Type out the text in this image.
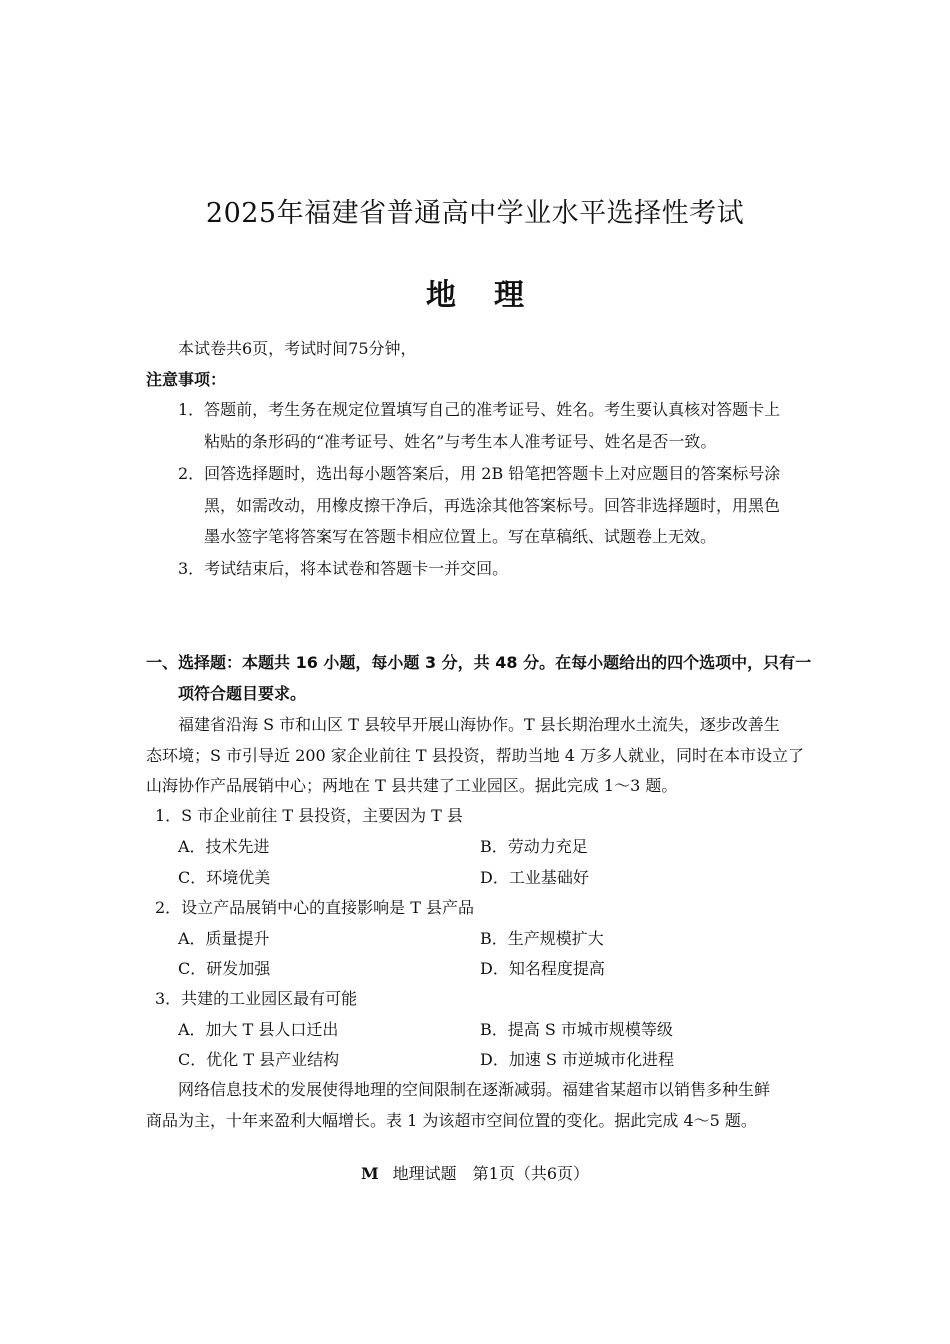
2025年福建省普通高中学业水平选择性考试
地理
本试卷共6页，考试时间75分钟，
注意事项：
1．答题前，考生务在规定位置填写自己的准考证号、姓名。考生要认真核对答题卡上
粘贴的条形码的“准考证号、姓名”与考生本人准考证号、姓名是否一致。
2．回答选择题时，选出每小题答案后，用 2B 铅笔把答题卡上对应题目的答案标号涂
黑，如需改动，用橡皮擦干净后，再选涂其他答案标号。回答非选择题时，用黑色
墨水签字笔将答案写在答题卡相应位置上。写在草稿纸、试题卷上无效。
3．考试结束后，将本试卷和答题卡一并交回。
一、选择题：本题共 16 小题，每小题 3 分，共 48 分。在每小题给出的四个选项中，只有一
项符合题目要求。
福建省沿海 S 市和山区 T 县较早开展山海协作。T 县长期治理水土流失，逐步改善生
态环境；S 市引导近 200 家企业前往 T 县投资，帮助当地 4 万多人就业，同时在本市设立了
山海协作产品展销中心；两地在 T 县共建了工业园区。据此完成 1～3 题。
1．S 市企业前往 T 县投资，主要因为 T 县
A．技术先进	B．劳动力充足
C．环境优美	D．工业基础好
2．设立产品展销中心的直接影响是 T 县产品
A．质量提升	B．生产规模扩大
C．研发加强	D．知名程度提高
3．共建的工业园区最有可能
A．加大 T 县人口迁出	B．提高 S 市城市规模等级
C．优化 T 县产业结构	D．加速 S 市逆城市化进程
网络信息技术的发展使得地理的空间限制在逐渐减弱。福建省某超市以销售多种生鲜
商品为主，十年来盈利大幅增长。表 1 为该超市空间位置的变化。据此完成 4～5 题。
M 地理试题　第1页（共6页）
